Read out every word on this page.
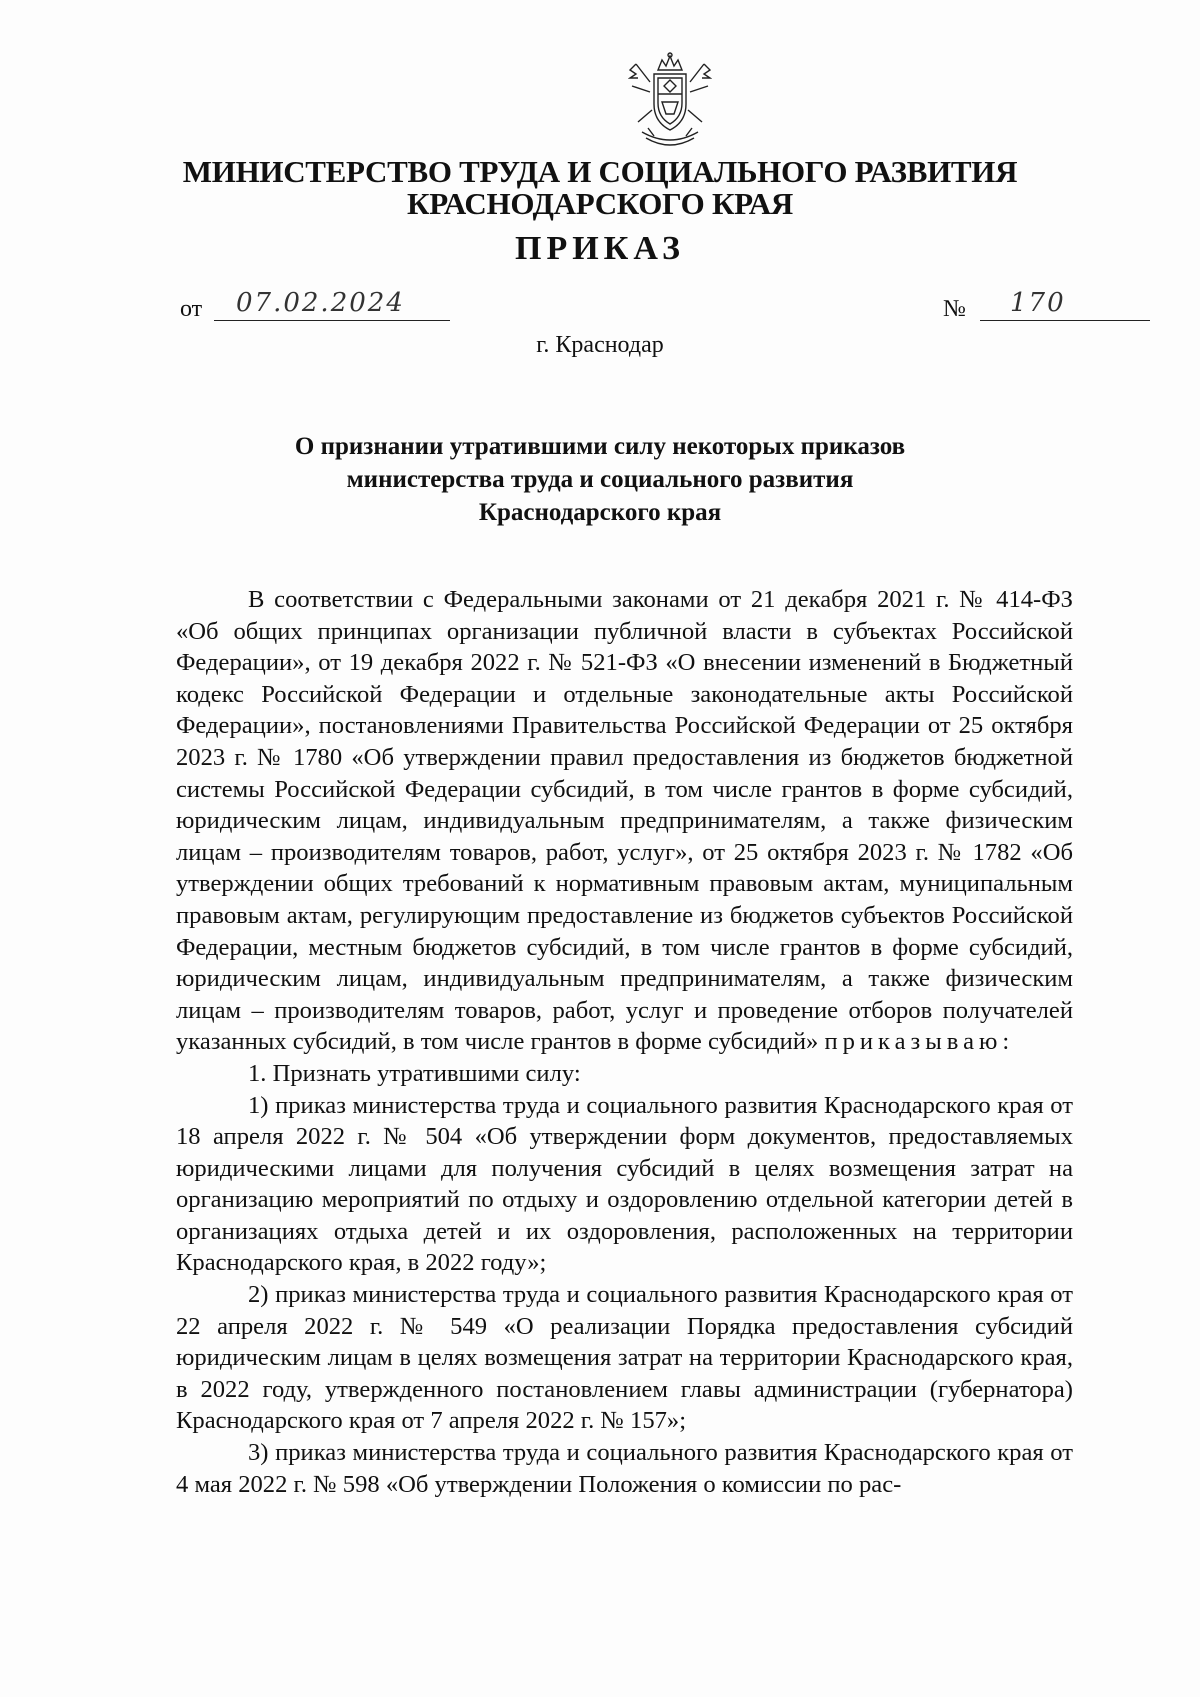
МИНИСТЕРСТВО ТРУДА И СОЦИАЛЬНОГО РАЗВИТИЯ
КРАСНОДАРСКОГО КРАЯ
ПРИКАЗ
от 07.02.2024	№ 170
г. Краснодар
О признании утратившими силу некоторых приказов
министерства труда и социального развития
Краснодарского края

В соответствии с Федеральными законами от 21 декабря 2021 г. № 414-ФЗ «Об общих принципах организации публичной власти в субъектах Российской Федерации», от 19 декабря 2022 г. № 521-ФЗ «О внесении изменений в Бюджетный кодекс Российской Федерации и отдельные законодательные акты Российской Федерации», постановлениями Правительства Российской Федерации от 25 октября 2023 г. № 1780 «Об утверждении правил предоставления из бюджетов бюджетной системы Российской Федерации субсидий, в том числе грантов в форме субсидий, юридическим лицам, индивидуальным предпринимателям, а также физическим лицам – производителям товаров, работ, услуг», от 25 октября 2023 г. № 1782 «Об утверждении общих требований к нормативным правовым актам, муниципальным правовым актам, регулирующим предоставление из бюджетов субъектов Российской Федерации, местным бюджетов субсидий, в том числе грантов в форме субсидий, юридическим лицам, индивидуальным предпринимателям, а также физическим лицам – производителям товаров, работ, услуг и проведение отборов получателей указанных субсидий, в том числе грантов в форме субсидий» приказываю:

1. Признать утратившими силу:

1) приказ министерства труда и социального развития Краснодарского края от 18 апреля 2022 г. № 504 «Об утверждении форм документов, предоставляемых юридическими лицами для получения субсидий в целях возмещения затрат на организацию мероприятий по отдыху и оздоровлению отдельной категории детей в организациях отдыха детей и их оздоровления, расположенных на территории Краснодарского края, в 2022 году»;

2) приказ министерства труда и социального развития Краснодарского края от 22 апреля 2022 г. № 549 «О реализации Порядка предоставления субсидий юридическим лицам в целях возмещения затрат на территории Краснодарского края, в 2022 году, утвержденного постановлением главы администрации (губернатора) Краснодарского края от 7 апреля 2022 г. № 157»;

3) приказ министерства труда и социального развития Краснодарского края от 4 мая 2022 г. № 598 «Об утверждении Положения о комиссии по рас-
